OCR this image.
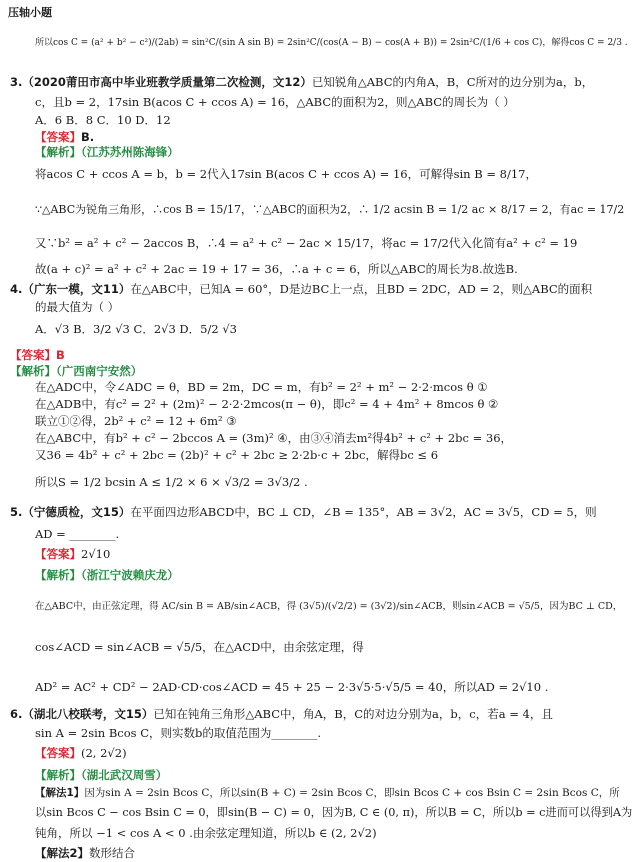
压轴小题
所以cos C = (a² + b² − c²)/(2ab) = sin²C/(sin A sin B) = 2sin²C/(cos(A − B) − cos(A + B)) = 2sin²C/(1/6 + cos C)，解得cos C = 2/3 .
3.（2020莆田市高中毕业班教学质量第二次检测，文12）已知锐角△ABC的内角A，B，C所对的边分别为a，b，
c，且b = 2，17sin B(acos C + ccos A) = 16，△ABC的面积为2，则△ABC的周长为（ ）
A．6 B．8 C．10 D．12
【答案】B.
【解析】（江苏苏州陈海锋）
将acos C + ccos A = b，b = 2代入17sin B(acos C + ccos A) = 16，可解得sin B = 8/17，
∵△ABC为锐角三角形，∴cos B = 15/17，∵△ABC的面积为2，∴ 1/2 acsin B = 1/2 ac × 8/17 = 2，有ac = 17/2
又∵b² = a² + c² − 2accos B，∴4 = a² + c² − 2ac × 15/17，将ac = 17/2代入化简有a² + c² = 19
故(a + c)² = a² + c² + 2ac = 19 + 17 = 36，∴a + c = 6，所以△ABC的周长为8.故选B.
4.（广东一模，文11）在△ABC中，已知A = 60°，D是边BC上一点，且BD = 2DC，AD = 2，则△ABC的面积
的最大值为（ ）
A．√3 B．3/2 √3 C．2√3 D．5/2 √3
【答案】B
【解析】（广西南宁安然）
在△ADC中，令∠ADC = θ，BD = 2m，DC = m，有b² = 2² + m² − 2·2·mcos θ ①
在△ADB中，有c² = 2² + (2m)² − 2·2·2mcos(π − θ)，即c² = 4 + 4m² + 8mcos θ ②
联立①②得，2b² + c² = 12 + 6m² ③
在△ABC中，有b² + c² − 2bccos A = (3m)² ④，由③④消去m²得4b² + c² + 2bc = 36，
又36 = 4b² + c² + 2bc = (2b)² + c² + 2bc ≥ 2·2b·c + 2bc，解得bc ≤ 6
所以S = 1/2 bcsin A ≤ 1/2 × 6 × √3/2 = 3√3/2 .
5.（宁德质检，文15）在平面四边形ABCD中，BC ⊥ CD，∠B = 135°，AB = 3√2，AC = 3√5，CD = 5，则
AD = ________.
【答案】2√10
【解析】（浙江宁波赖庆龙）
在△ABC中，由正弦定理，得 AC/sin B = AB/sin∠ACB，得 (3√5)/(√2/2) = (3√2)/sin∠ACB，则sin∠ACB = √5/5，因为BC ⊥ CD，
cos∠ACD = sin∠ACB = √5/5，在△ACD中，由余弦定理，得
AD² = AC² + CD² − 2AD·CD·cos∠ACD = 45 + 25 − 2·3√5·5·√5/5 = 40，所以AD = 2√10 .
6.（湖北八校联考，文15）已知在钝角三角形△ABC中，角A，B，C的对边分别为a，b，c，若a = 4，且
sin A = 2sin Bcos C，则实数b的取值范围为________.
【答案】(2, 2√2)
【解析】（湖北武汉周雪）
【解法1】因为sin A = 2sin Bcos C，所以sin(B + C) = 2sin Bcos C，即sin Bcos C + cos Bsin C = 2sin Bcos C，所
以sin Bcos C − cos Bsin C = 0，即sin(B − C) = 0，因为B, C ∈ (0, π)，所以B = C，所以b = c进而可以得到A为
钝角，所以 −1 < cos A < 0 .由余弦定理知道，所以b ∈ (2, 2√2)
【解法2】数形结合
